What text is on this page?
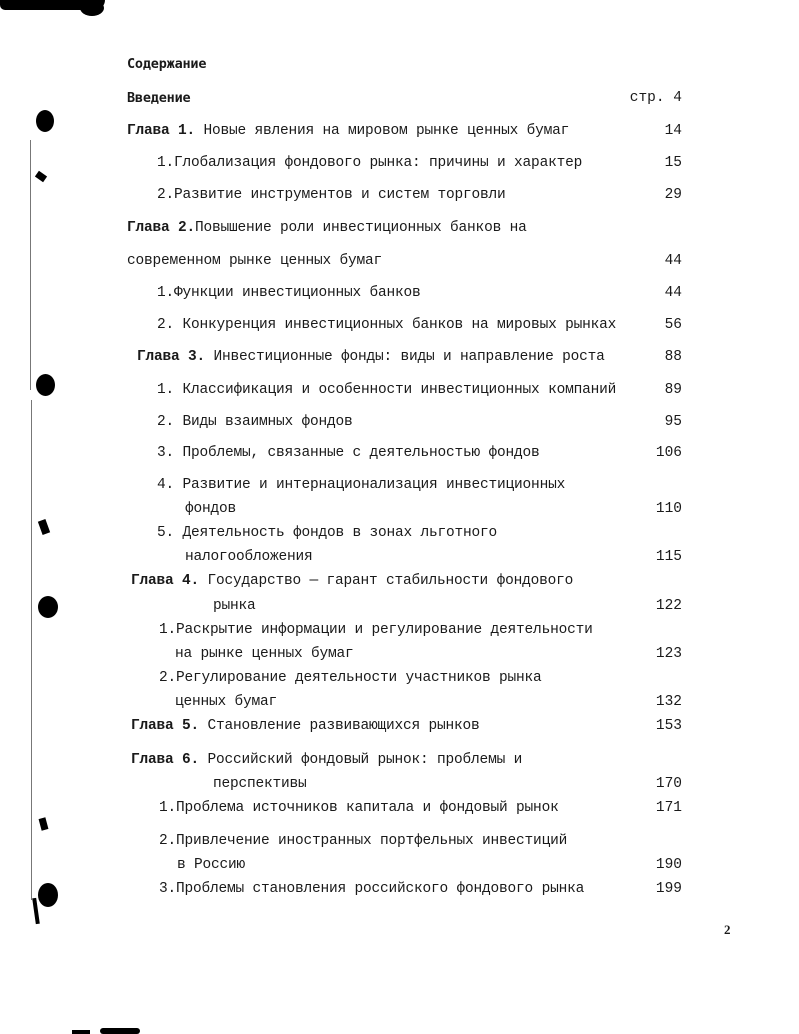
Содержание
Введение	стр. 4
Глава 1. Новые явления на мировом рынке ценных бумаг	14
1.Глобализация фондового рынка: причины и характер	15
2.Развитие инструментов и систем торговли	29
Глава 2.Повышение роли инвестиционных банков на
современном рынке ценных бумаг	44
1.Функции инвестиционных банков	44
2. Конкуренция инвестиционных банков на мировых рынках	56
Глава 3. Инвестиционные фонды: виды и направление роста	88
1. Классификация и особенности инвестиционных компаний	89
2. Виды взаимных фондов	95
3. Проблемы, связанные с деятельностью фондов	106
4. Развитие и интернационализация инвестиционных
фондов	110
5. Деятельность фондов в зонах льготного
налогообложения	115
Глава 4. Государство — гарант стабильности фондового
рынка	122
1.Раскрытие информации и регулирование деятельности
на рынке ценных бумаг	123
2.Регулирование деятельности участников рынка
ценных бумаг	132
Глава 5. Становление развивающихся рынков	153
Глава 6. Российский фондовый рынок: проблемы и
перспективы	170
1.Проблема источников капитала и фондовый рынок	171
2.Привлечение иностранных портфельных инвестиций
в Россию	190
3.Проблемы становления российского фондового рынка	199
2
